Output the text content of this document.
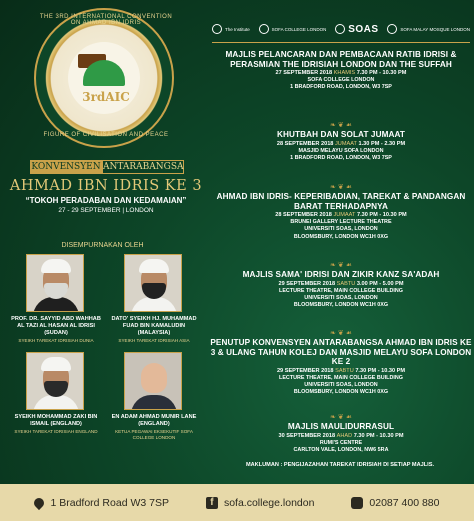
THE 3RD INTERNATIONAL CONVENTION ON AHMAD IBN IDRIS
3rdAIC
FIGURE OF CIVILISATION AND PEACE
KONVENSYEN ANTARABANGSA
AHMAD IBN IDRIS KE 3
“TOKOH PERADABAN DAN KEDAMAIAN”
27 - 29 SEPTEMBER | LONDON
DISEMPURNAKAN OLEH
PROF. DR. SAYYID ABD WAHHAB AL TAZI AL HASAN AL IDRISI (SUDAN)
SYEIKH TAREKAT IDRISIAH DUNIA
DATO' SYEIKH HJ. MUHAMMAD FUAD BIN KAMALUDIN (MALAYSIA)
SYEIKH TAREKAT IDRISIAH ASIA
SYEIKH MOHAMMAD ZAKI BIN ISMAIL (ENGLAND)
SYEIKH TAREKAT IDRISIAH ENGLAND
EN ADAM AHMAD MUNIR LANE (ENGLAND)
KETUA PEGAWAI EKSEKUTIF SOFA COLLEGE LONDON
The Institute	SOFA COLLEGE LONDON SOAS	SOFA MALAY MOSQUE LONDON
MAJLIS PELANCARAN DAN PEMBACAAN RATIB IDRISI & PERASMIAN THE IDRISIAH LONDON DAN THE SUFFAH
27 SEPTEMBER 2018 KHAMIS 7.30 PM - 10.30 PM
SOFA COLLEGE LONDON
1 BRADFORD ROAD, LONDON, W3 7SP
❧ ❦ ☙
KHUTBAH DAN SOLAT JUMAAT
28 SEPTEMBER 2018 JUMAAT 1.30 PM - 2.30 PM
MASJID MELAYU SOFA LONDON
1 BRADFORD ROAD, LONDON, W3 7SP
❧ ❦ ☙
AHMAD IBN IDRIS- KEPERIBADIAN, TAREKAT & PANDANGAN BARAT TERHADAPNYA
28 SEPTEMBER 2018 JUMAAT 7.30 PM - 10.30 PM
BRUNEI GALLERY LECTURE THEATRE
UNIVERSITI SOAS, LONDON
BLOOMSBURY, LONDON WC1H 0XG
❧ ❦ ☙
MAJLIS SAMA' IDRISI DAN ZIKIR KANZ SA'ADAH
29 SEPTEMBER 2018 SABTU 3.00 PM - 5.00 PM
LECTURE THEATRE, MAIN COLLEGE BUILDING
UNIVERSITI SOAS, LONDON
BLOOMSBURY, LONDON WC1H 0XG
❧ ❦ ☙
PENUTUP KONVENSYEN ANTARABANGSA AHMAD IBN IDRIS KE 3 & ULANG TAHUN KOLEJ DAN MASJID MELAYU SOFA LONDON KE 2
29 SEPTEMBER 2018 SABTU 7.30 PM - 10.30 PM
LECTURE THEATRE, MAIN COLLEGE BUILDING
UNIVERSITI SOAS, LONDON
BLOOMSBURY, LONDON WC1H 0XG
❧ ❦ ☙
MAJLIS MAULIDURRASUL
30 SEPTEMBER 2018 AHAD 7.30 PM - 10.30 PM
RUMI'S CENTRE
CARLTON VALE, LONDON, NW6 5RA
MAKLUMAN : PENGIJAZAHAN TAREKAT IDRISIAH DI SETIAP MAJLIS.
1 Bradford Road W3 7SP	f sofa.college.london	02087 400 880
